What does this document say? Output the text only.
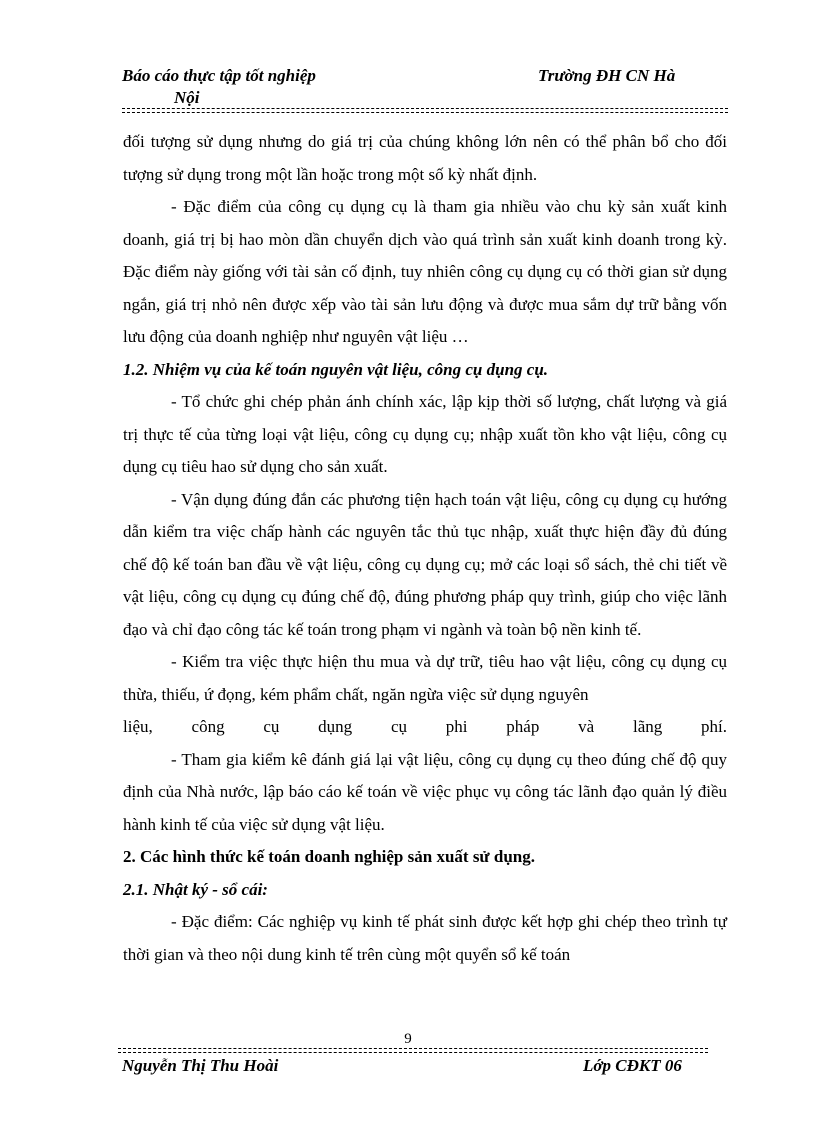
Báo cáo thực tập tốt nghiệp
Nội
Trường ĐH CN Hà

đối tượng sử dụng nhưng do giá trị của chúng không lớn nên có thể phân bổ cho đối tượng sử dụng trong một lần hoặc trong một số kỳ nhất định.

- Đặc điểm của công cụ dụng cụ là tham gia nhiều vào chu kỳ sản xuất kinh doanh, giá trị bị hao mòn dần chuyển dịch vào quá trình sản xuất kinh doanh trong kỳ. Đặc điểm này giống với tài sản cố định, tuy nhiên công cụ dụng cụ có thời gian sử dụng ngắn, giá trị nhỏ nên được xếp vào tài sản lưu động và được mua sắm dự trữ bằng vốn lưu động của doanh nghiệp như nguyên vật liệu …

1.2. Nhiệm vụ của kế toán nguyên vật liệu, công cụ dụng cụ.

- Tổ chức ghi chép phản ánh chính xác, lập kịp thời số lượng, chất lượng và giá trị thực tế của từng loại vật liệu, công cụ dụng cụ; nhập xuất tồn kho vật liệu, công cụ dụng cụ tiêu hao sử dụng cho sản xuất.

- Vận dụng đúng đắn các phương tiện hạch toán vật liệu, công cụ dụng cụ hướng dẫn kiểm tra việc chấp hành các nguyên tắc thủ tục nhập, xuất thực hiện đầy đủ đúng chế độ kế toán ban đầu về vật liệu, công cụ dụng cụ; mở các loại sổ sách, thẻ chi tiết về vật liệu, công cụ dụng cụ đúng chế độ, đúng phương pháp quy trình, giúp cho việc lãnh đạo và chỉ đạo công tác kế toán trong phạm vi ngành và toàn bộ nền kinh tế.

- Kiểm tra việc thực hiện thu mua và dự trữ, tiêu hao vật liệu, công cụ dụng cụ thừa, thiếu, ứ đọng, kém phẩm chất, ngăn ngừa việc sử dụng nguyên

liệu, công cụ dụng cụ phi pháp và lãng phí.

- Tham gia kiểm kê đánh giá lại vật liệu, công cụ dụng cụ theo đúng chế độ quy định của Nhà nước, lập báo cáo kế toán về việc phục vụ công tác lãnh đạo quản lý điều hành kinh tế của việc sử dụng vật liệu.

2. Các hình thức kế toán doanh nghiệp sản xuất sử dụng.

2.1. Nhật ký - sổ cái:

- Đặc điểm: Các nghiệp vụ kinh tế phát sinh được kết hợp ghi chép theo trình tự thời gian và theo nội dung kinh tế trên cùng một quyển sổ kế toán

9
Nguyễn Thị Thu Hoài	Lớp CĐKT 06
